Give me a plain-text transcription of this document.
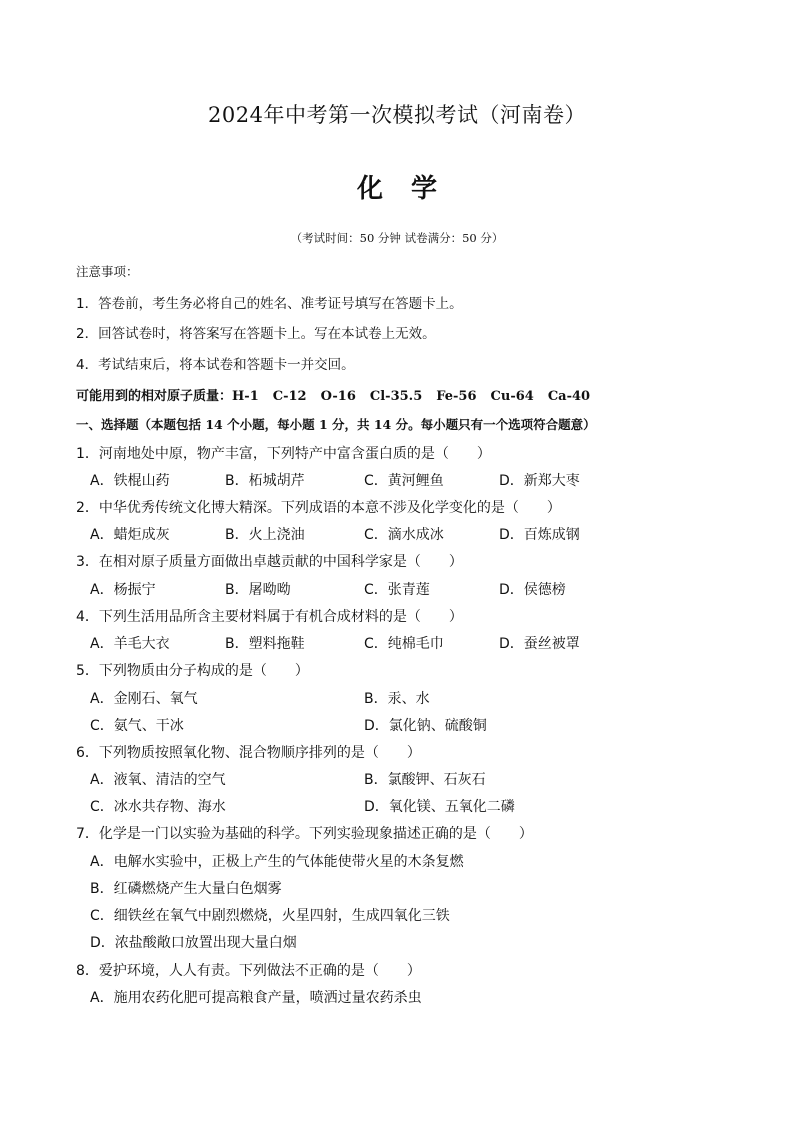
2024年中考第一次模拟考试（河南卷）
化学
（考试时间：50 分钟 试卷满分：50 分）
注意事项：
1．答卷前，考生务必将自己的姓名、准考证号填写在答题卡上。
2．回答试卷时，将答案写在答题卡上。写在本试卷上无效。
4．考试结束后，将本试卷和答题卡一并交回。
可能用到的相对原子质量：H-1 C-12 O-16 Cl-35.5 Fe-56 Cu-64 Ca-40
一、选择题（本题包括 14 个小题，每小题 1 分，共 14 分。每小题只有一个选项符合题意）
1．河南地处中原，物产丰富，下列特产中富含蛋白质的是（　　）
A．铁棍山药	B．柘城胡芹	C．黄河鲤鱼	D．新郑大枣
2．中华优秀传统文化博大精深。下列成语的本意不涉及化学变化的是（　　）
A．蜡炬成灰	B．火上浇油	C．滴水成冰	D．百炼成钢
3．在相对原子质量方面做出卓越贡献的中国科学家是（　　）
A．杨振宁	B．屠呦呦	C．张青莲	D．侯德榜
4．下列生活用品所含主要材料属于有机合成材料的是（　　）
A．羊毛大衣	B．塑料拖鞋	C．纯棉毛巾	D．蚕丝被罩
5．下列物质由分子构成的是（　　）
A．金刚石、氧气	B．汞、水
C．氨气、干冰	D．氯化钠、硫酸铜
6．下列物质按照氧化物、混合物顺序排列的是（　　）
A．液氧、清洁的空气	B．氯酸钾、石灰石
C．冰水共存物、海水	D．氧化镁、五氧化二磷
7．化学是一门以实验为基础的科学。下列实验现象描述正确的是（　　）
A．电解水实验中，正极上产生的气体能使带火星的木条复燃
B．红磷燃烧产生大量白色烟雾
C．细铁丝在氧气中剧烈燃烧，火星四射，生成四氧化三铁
D．浓盐酸敞口放置出现大量白烟
8．爱护环境，人人有责。下列做法不正确的是（　　）
A．施用农药化肥可提高粮食产量，喷洒过量农药杀虫
